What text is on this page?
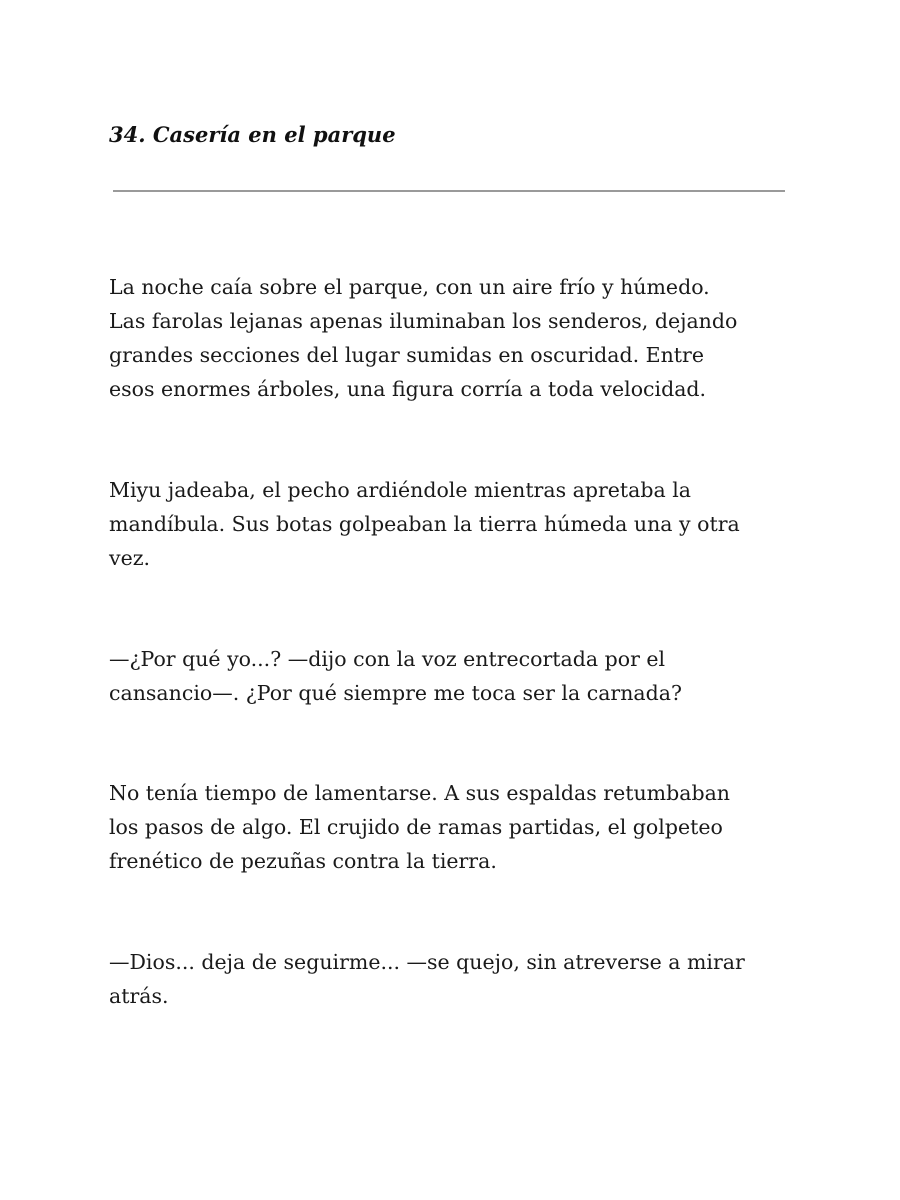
34. Casería en el parque

La noche caía sobre el parque, con un aire frío y húmedo.
Las farolas lejanas apenas iluminaban los senderos, dejando
grandes secciones del lugar sumidas en oscuridad. Entre
esos enormes árboles, una figura corría a toda velocidad.

Miyu jadeaba, el pecho ardiéndole mientras apretaba la
mandíbula. Sus botas golpeaban la tierra húmeda una y otra
vez.

—¿Por qué yo...? —dijo con la voz entrecortada por el
cansancio—. ¿Por qué siempre me toca ser la carnada?

No tenía tiempo de lamentarse. A sus espaldas retumbaban
los pasos de algo. El crujido de ramas partidas, el golpeteo
frenético de pezuñas contra la tierra.

—Dios... deja de seguirme... —se quejo, sin atreverse a mirar
atrás.
